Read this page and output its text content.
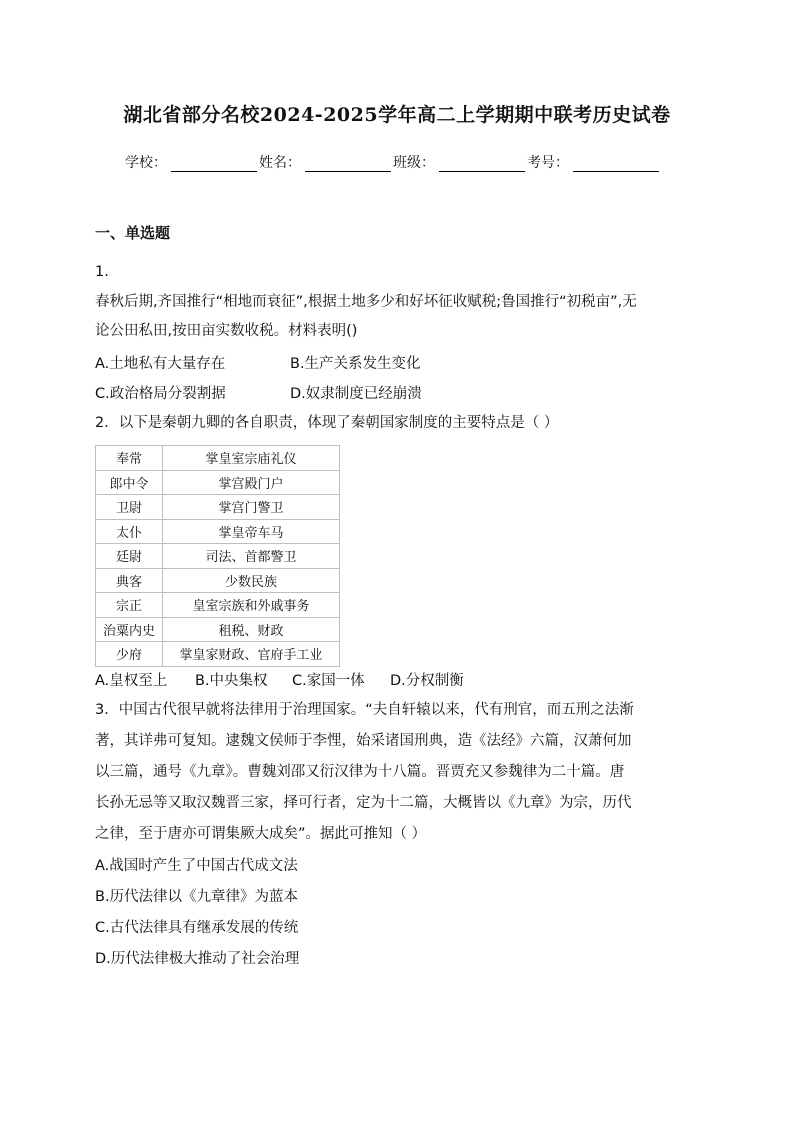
湖北省部分名校2024-2025学年高二上学期期中联考历史试卷
学校：	姓名：	班级：	考号：
一、单选题
1.
春秋后期,齐国推行“相地而衰征”,根据土地多少和好坏征收赋税;鲁国推行“初税亩”,无
论公田私田,按田亩实数收税。材料表明()
A.土地私有大量存在	B.生产关系发生变化
C.政治格局分裂割据	D.奴隶制度已经崩溃
2．以下是秦朝九卿的各自职责，体现了秦朝国家制度的主要特点是（ ）
奉常	掌皇室宗庙礼仪
郎中令	掌宫殿门户
卫尉	掌宫门警卫
太仆	掌皇帝车马
廷尉	司法、首都警卫
典客	少数民族
宗正	皇室宗族和外戚事务
治粟内史	租税、财政
少府	掌皇家财政、官府手工业
A.皇权至上 B.中央集权 C.家国一体 D.分权制衡
3．中国古代很早就将法律用于治理国家。“夫自轩辕以来，代有刑官，而五刑之法渐
著，其详弗可复知。逮魏文侯师于李悝，始采诸国刑典，造《法经》六篇，汉萧何加
以三篇，通号《九章》。曹魏刘邵又衍汉律为十八篇。晋贾充又参魏律为二十篇。唐
长孙无忌等又取汉魏晋三家，择可行者，定为十二篇，大概皆以《九章》为宗，历代
之律，至于唐亦可谓集厥大成矣”。据此可推知（ ）
A.战国时产生了中国古代成文法
B.历代法律以《九章律》为蓝本
C.古代法律具有继承发展的传统
D.历代法律极大推动了社会治理
